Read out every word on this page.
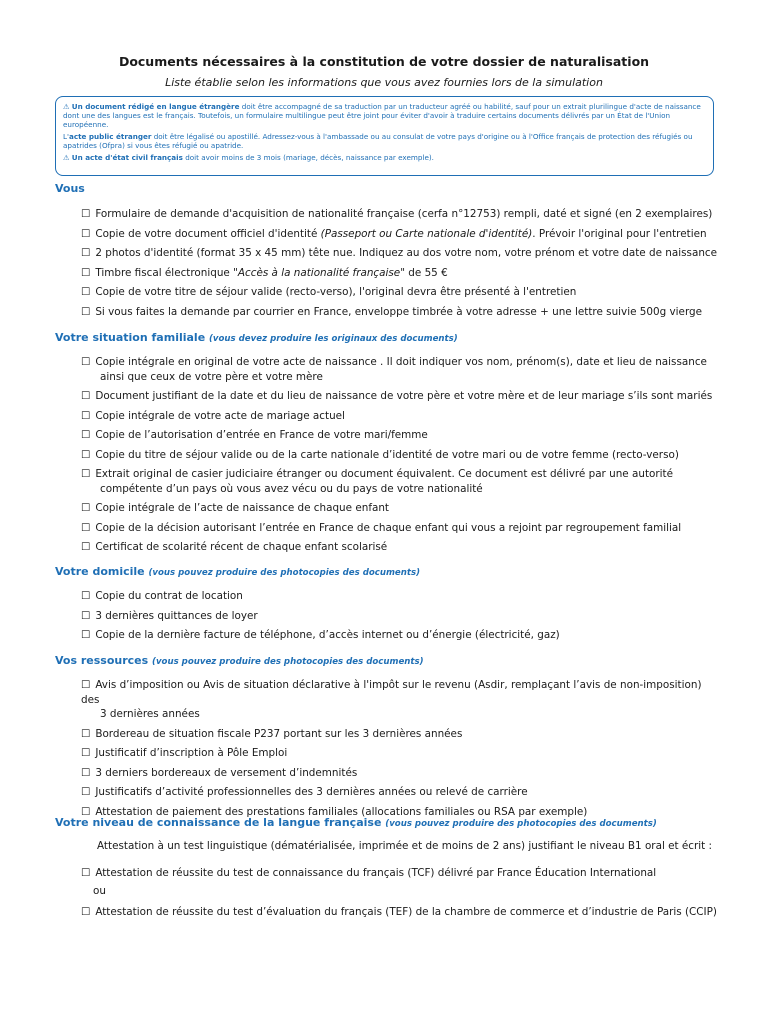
Documents nécessaires à la constitution de votre dossier de naturalisation

Liste établie selon les informations que vous avez fournies lors de la simulation

⚠ Un document rédigé en langue étrangère doit être accompagné de sa traduction par un traducteur agréé ou habilité, sauf pour un extrait plurilingue d'acte de naissance dont une des langues est le français. Toutefois, un formulaire multilingue peut être joint pour éviter d'avoir à traduire certains documents délivrés par un État de l'Union européenne.

L'acte public étranger doit être légalisé ou apostillé. Adressez-vous à l'ambassade ou au consulat de votre pays d'origine ou à l'Office français de protection des réfugiés ou apatrides (Ofpra) si vous êtes réfugié ou apatride.

⚠ Un acte d'état civil français doit avoir moins de 3 mois (mariage, décès, naissance par exemple).

Vous
☐ Formulaire de demande d'acquisition de nationalité française (cerfa n°12753) rempli, daté et signé (en 2 exemplaires)
☐ Copie de votre document officiel d'identité (Passeport ou Carte nationale d'identité). Prévoir l'original pour l'entretien
☐ 2 photos d'identité (format 35 x 45 mm) tête nue. Indiquez au dos votre nom, votre prénom et votre date de naissance
☐ Timbre fiscal électronique "Accès à la nationalité française" de 55 €
☐ Copie de votre titre de séjour valide (recto-verso), l'original devra être présenté à l'entretien
☐ Si vous faites la demande par courrier en France, enveloppe timbrée à votre adresse + une lettre suivie 500g vierge
Votre situation familiale (vous devez produire les originaux des documents)
☐ Copie intégrale en original de votre acte de naissance . Il doit indiquer vos nom, prénom(s), date et lieu de naissance
ainsi que ceux de votre père et votre mère
☐ Document justifiant de la date et du lieu de naissance de votre père et votre mère et de leur mariage s’ils sont mariés
☐ Copie intégrale de votre acte de mariage actuel
☐ Copie de l’autorisation d’entrée en France de votre mari/femme
☐ Copie du titre de séjour valide ou de la carte nationale d’identité de votre mari ou de votre femme (recto-verso)
☐ Extrait original de casier judiciaire étranger ou document équivalent. Ce document est délivré par une autorité
compétente d’un pays où vous avez vécu ou du pays de votre nationalité
☐ Copie intégrale de l’acte de naissance de chaque enfant
☐ Copie de la décision autorisant l’entrée en France de chaque enfant qui vous a rejoint par regroupement familial
☐ Certificat de scolarité récent de chaque enfant scolarisé
Votre domicile (vous pouvez produire des photocopies des documents)
☐ Copie du contrat de location
☐ 3 dernières quittances de loyer
☐ Copie de la dernière facture de téléphone, d’accès internet ou d’énergie (électricité, gaz)
Vos ressources (vous pouvez produire des photocopies des documents)
☐ Avis d’imposition ou Avis de situation déclarative à l'impôt sur le revenu (Asdir, remplaçant l’avis de non-imposition) des
3 dernières années
☐ Bordereau de situation fiscale P237 portant sur les 3 dernières années
☐ Justificatif d’inscription à Pôle Emploi
☐ 3 derniers bordereaux de versement d’indemnités
☐ Justificatifs d’activité professionnelles des 3 dernières années ou relevé de carrière
☐ Attestation de paiement des prestations familiales (allocations familiales ou RSA par exemple)
Votre niveau de connaissance de la langue française (vous pouvez produire des photocopies des documents)

Attestation à un test linguistique (dématérialisée, imprimée et de moins de 2 ans) justifiant le niveau B1 oral et écrit :

☐ Attestation de réussite du test de connaissance du français (TCF) délivré par France Éducation International

ou

☐ Attestation de réussite du test d’évaluation du français (TEF) de la chambre de commerce et d’industrie de Paris (CCIP)
